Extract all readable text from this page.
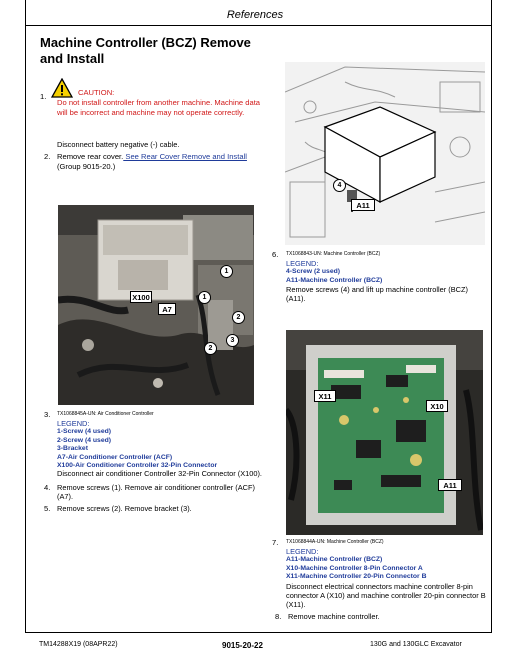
References
Machine Controller (BCZ) Remove and Install
1.	CAUTION:
Do not install controller from another machine. Machine data will be incorrect and machine may not operate correctly.
Disconnect battery negative (-) cable.
2. Remove rear cover. See Rear Cover Remove and Install
(Group 9015-20.)
X100
A7
1
1
2
3
2
3. TX1068845A-UN: Air Conditioner Controller
LEGEND:
1-Screw (4 used)
2-Screw (4 used)
3-Bracket
A7-Air Conditioner Controller (ACF)
X100-Air Conditioner Controller 32-Pin Connector
Disconnect air conditioner Controller 32-Pin Connector (X100).
4. Remove screws (1). Remove air conditioner controller (ACF) (A7).
5. Remove screws (2). Remove bracket (3).
4
A11
6. TX1068843-UN: Machine Controller (BCZ)
LEGEND:
4-Screw (2 used)
A11-Machine Controller (BCZ)
Remove screws (4) and lift up machine controller (BCZ) (A11).
X11
X10
A11
7. TX1068844A-UN: Machine Controller (BCZ)
LEGEND:
A11-Machine Controller (BCZ)
X10-Machine Controller 8-Pin Connector A
X11-Machine Controller 20-Pin Connector B
Disconnect electrical connectors machine controller 8-pin connector A (X10) and machine controller 20-pin connector B (X11).
8. Remove machine controller.
TM14288X19 (08APR22)	9015-20-22	130G and 130GLC Excavator
